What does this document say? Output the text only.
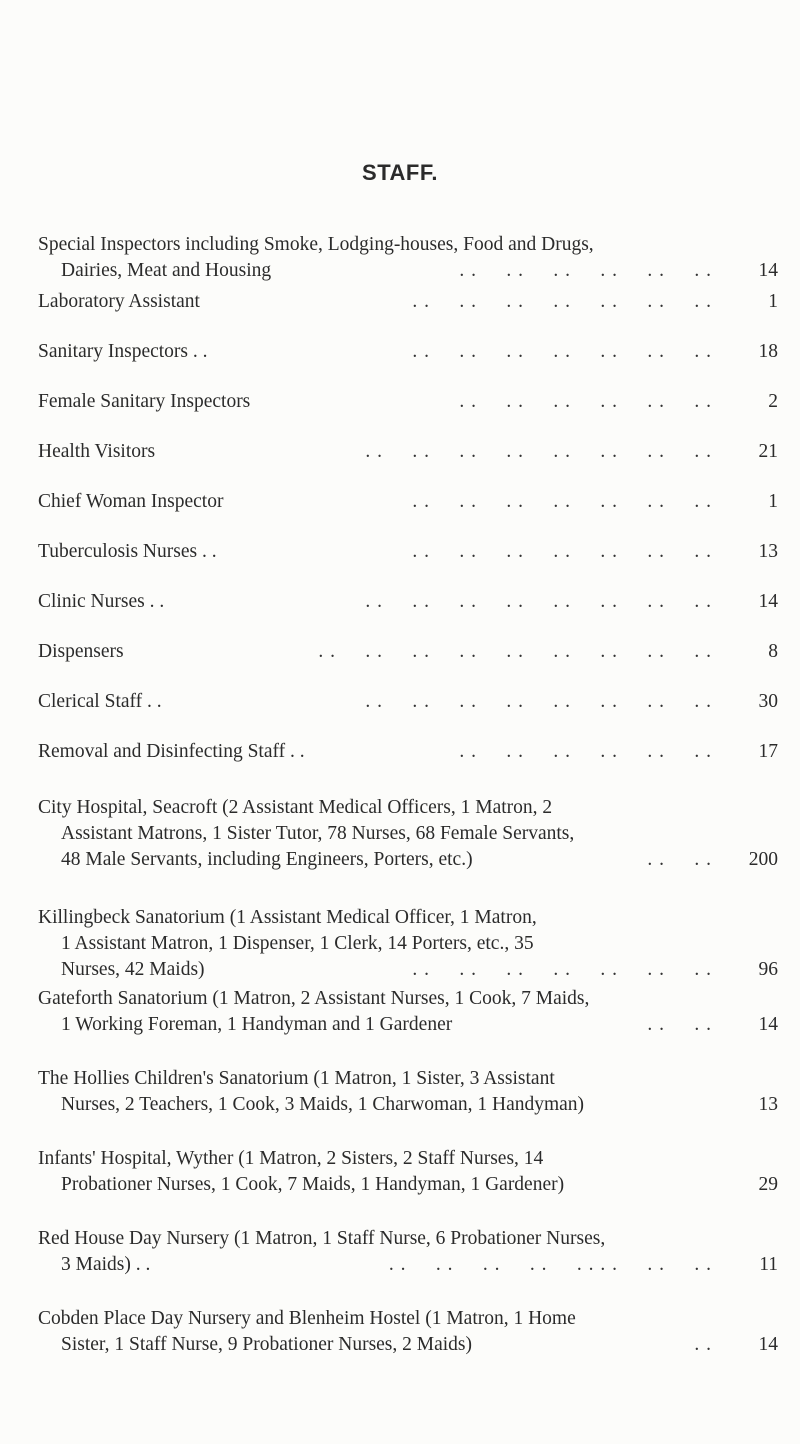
STAFF.
Special Inspectors including Smoke, Lodging-houses, Food and Drugs,
Dairies, Meat and Housing	. .     . .     . .     . .     . .     . .	14
Laboratory Assistant	. .     . .     . .     . .     . .     . .     . .	1
Sanitary Inspectors . .	. .     . .     . .     . .     . .     . .     . .	18
Female Sanitary Inspectors	. .     . .     . .     . .     . .     . .	2
Health Visitors	. .     . .     . .     . .     . .     . .     . .     . .	21
Chief Woman Inspector	. .     . .     . .     . .     . .     . .     . .	1
Tuberculosis Nurses . .	. .     . .     . .     . .     . .     . .     . .	13
Clinic Nurses . .	. .     . .     . .     . .     . .     . .     . .     . .	14
Dispensers	. .     . .     . .     . .     . .     . .     . .     . .     . .	8
Clerical Staff . .	. .     . .     . .     . .     . .     . .     . .     . .	30
Removal and Disinfecting Staff . .	. .     . .     . .     . .     . .     . .	17
City Hospital, Seacroft (2 Assistant Medical Officers, 1 Matron, 2
Assistant Matrons, 1 Sister Tutor, 78 Nurses, 68 Female Servants,
48 Male Servants, including Engineers, Porters, etc.)	. .     . .	200
Killingbeck Sanatorium (1 Assistant Medical Officer, 1 Matron,
1 Assistant Matron, 1 Dispenser, 1 Clerk, 14 Porters, etc., 35
Nurses, 42 Maids)	. .     . .     . .     . .     . .     . .     . .	96
Gateforth Sanatorium (1 Matron, 2 Assistant Nurses, 1 Cook, 7 Maids,
1 Working Foreman, 1 Handyman and 1 Gardener	. .     . .	14
The Hollies Children's Sanatorium (1 Matron, 1 Sister, 3 Assistant
Nurses, 2 Teachers, 1 Cook, 3 Maids, 1 Charwoman, 1 Handyman)	13
Infants' Hospital, Wyther (1 Matron, 2 Sisters, 2 Staff Nurses, 14
Probationer Nurses, 1 Cook, 7 Maids, 1 Handyman, 1 Gardener)	29
Red House Day Nursery (1 Matron, 1 Staff Nurse, 6 Probationer Nurses,
3 Maids) . .	. .     . .     . .     . .     . . . .     . .     . .	11
Cobden Place Day Nursery and Blenheim Hostel (1 Matron, 1 Home
Sister, 1 Staff Nurse, 9 Probationer Nurses, 2 Maids)	. .	14
